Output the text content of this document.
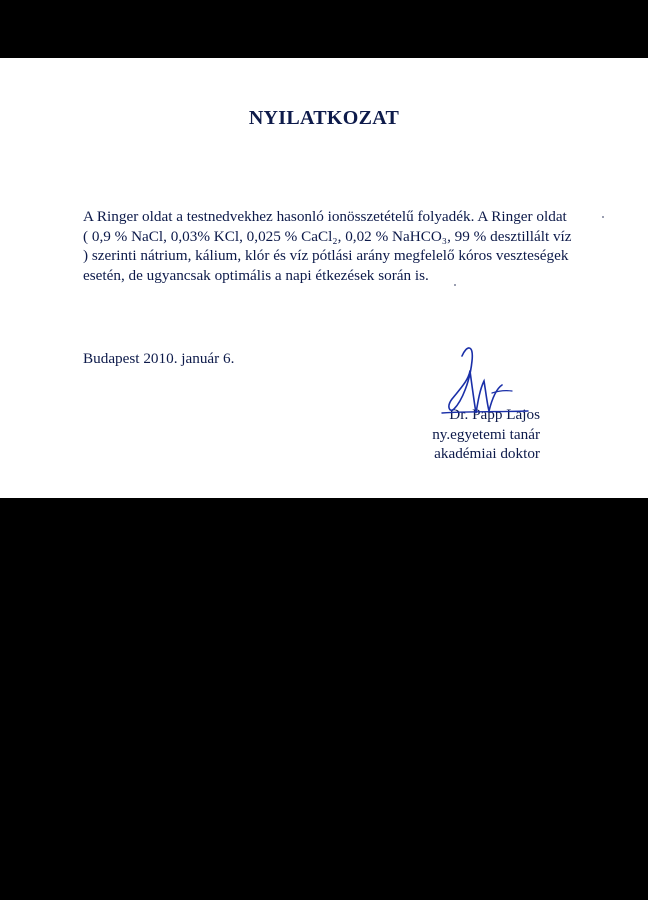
NYILATKOZAT
A Ringer oldat a testnedvekhez hasonló ionösszetételű folyadék. A Ringer oldat
( 0,9 % NaCl, 0,03% KCl, 0,025 % CaCl₂, 0,02 % NaHCO₃, 99 % desztillált víz
) szerinti nátrium, kálium, klór és víz pótlási arány megfelelő kóros veszteségek
esetén, de ugyancsak optimális a napi étkezések során is.
Budapest 2010. január 6.
Dr. Papp Lajos
ny.egyetemi tanár
akadémiai doktor
